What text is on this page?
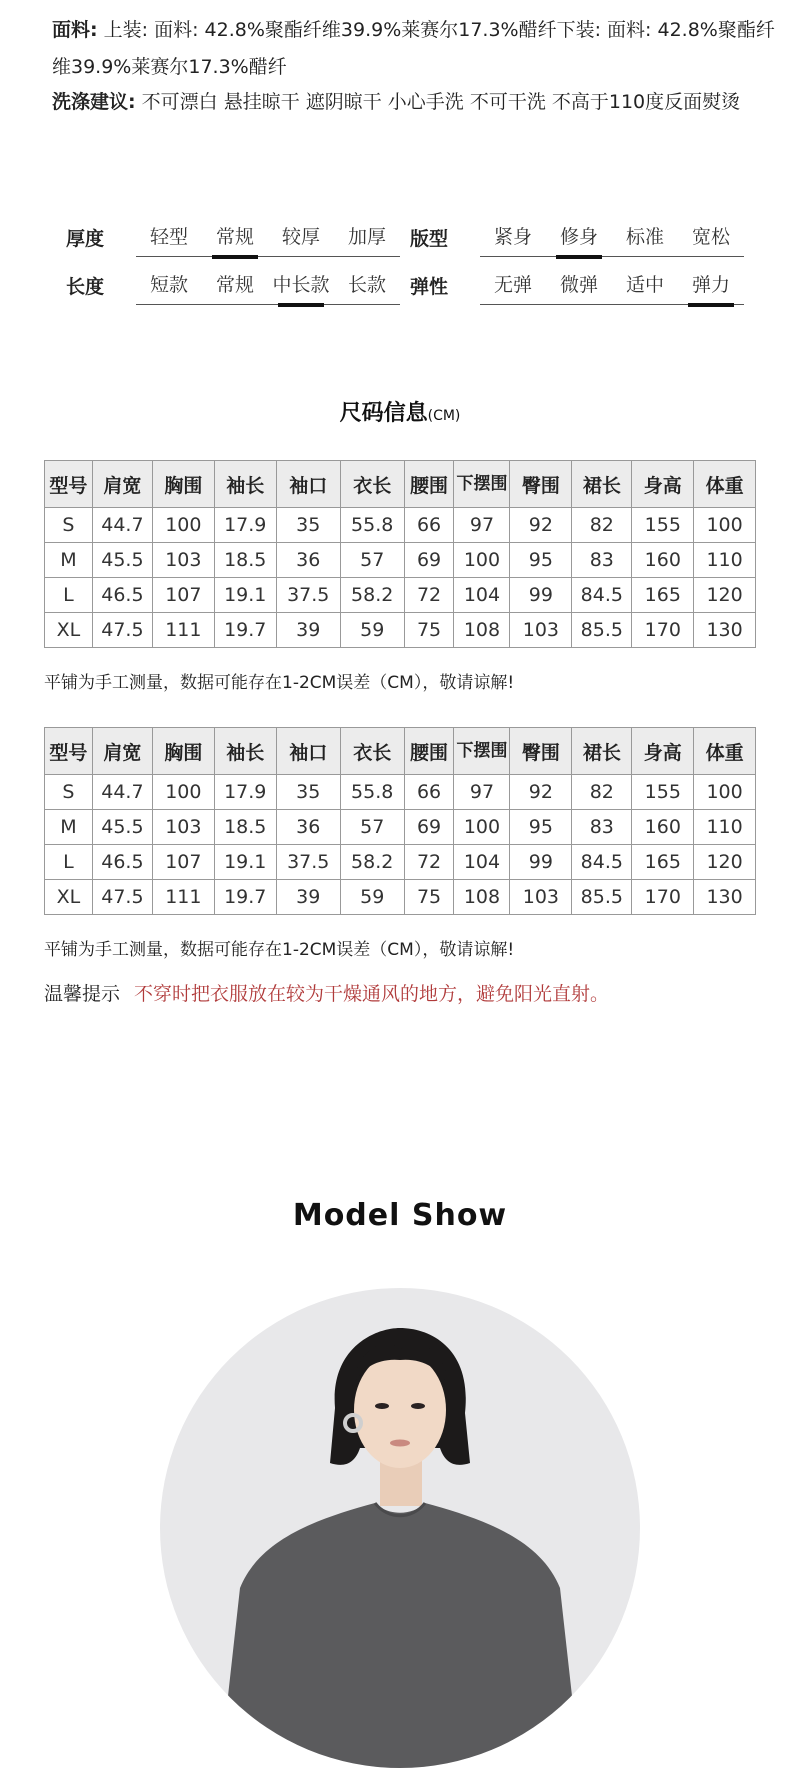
面料: 上装: 面料: 42.8%聚酯纤维39.9%莱赛尔17.3%醋纤下装: 面料: 42.8%聚酯纤维39.9%莱赛尔17.3%醋纤
洗涤建议: 不可漂白 悬挂晾干 遮阴晾干 小心手洗 不可干洗 不高于110度反面熨烫
厚度	轻型	常规	较厚	加厚	版型	紧身	修身	标准	宽松
长度	短款	常规 中长款 长款	弹性	无弹	微弹	适中	弹力
尺码信息(CM)
型号	肩宽	胸围	袖长	袖口	衣长	腰围	下摆围	臀围	裙长	身高	体重
S	44.7	100	17.9	35	55.8	66	97	92	82	155	100
M	45.5	103	18.5	36	57	69	100	95	83	160	110
L	46.5	107	19.1	37.5	58.2	72	104	99	84.5	165	120
XL	47.5	111	19.7	39	59	75	108	103	85.5	170	130
平铺为手工测量，数据可能存在1-2CM误差（CM），敬请谅解!
型号	肩宽	胸围	袖长	袖口	衣长	腰围	下摆围	臀围	裙长	身高	体重
S	44.7	100	17.9	35	55.8	66	97	92	82	155	100
M	45.5	103	18.5	36	57	69	100	95	83	160	110
L	46.5	107	19.1	37.5	58.2	72	104	99	84.5	165	120
XL	47.5	111	19.7	39	59	75	108	103	85.5	170	130
平铺为手工测量，数据可能存在1-2CM误差（CM），敬请谅解!
温馨提示 不穿时把衣服放在较为干燥通风的地方，避免阳光直射。
Model Show
